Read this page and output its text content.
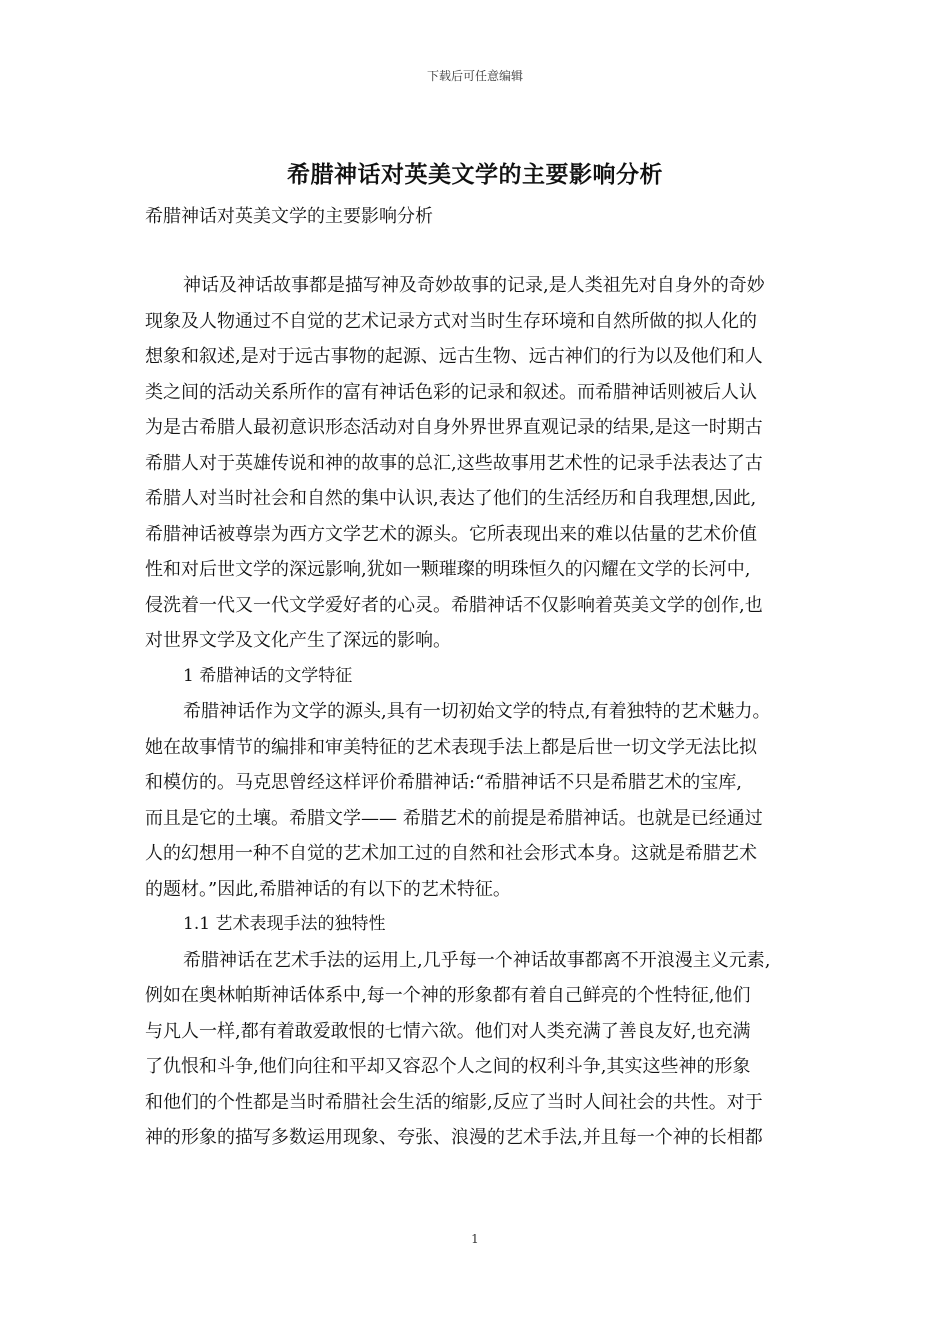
下载后可任意编辑
希腊神话对英美文学的主要影响分析
希腊神话对英美文学的主要影响分析
神话及神话故事都是描写神及奇妙故事的记录,是人类祖先对自身外的奇妙
现象及人物通过不自觉的艺术记录方式对当时生存环境和自然所做的拟人化的
想象和叙述,是对于远古事物的起源、远古生物、远古神们的行为以及他们和人
类之间的活动关系所作的富有神话色彩的记录和叙述。而希腊神话则被后人认
为是古希腊人最初意识形态活动对自身外界世界直观记录的结果,是这一时期古
希腊人对于英雄传说和神的故事的总汇,这些故事用艺术性的记录手法表达了古
希腊人对当时社会和自然的集中认识,表达了他们的生活经历和自我理想,因此,
希腊神话被尊崇为西方文学艺术的源头。它所表现出来的难以估量的艺术价值
性和对后世文学的深远影响,犹如一颗璀璨的明珠恒久的闪耀在文学的长河中,
侵洗着一代又一代文学爱好者的心灵。希腊神话不仅影响着英美文学的创作,也
对世界文学及文化产生了深远的影响。
1 希腊神话的文学特征
希腊神话作为文学的源头,具有一切初始文学的特点,有着独特的艺术魅力。
她在故事情节的编排和审美特征的艺术表现手法上都是后世一切文学无法比拟
和模仿的。马克思曾经这样评价希腊神话:“希腊神话不只是希腊艺术的宝库,
而且是它的土壤。希腊文学—— 希腊艺术的前提是希腊神话。也就是已经通过
人的幻想用一种不自觉的艺术加工过的自然和社会形式本身。这就是希腊艺术
的题材。”因此,希腊神话的有以下的艺术特征。
1.1 艺术表现手法的独特性
希腊神话在艺术手法的运用上,几乎每一个神话故事都离不开浪漫主义元素,
例如在奥林帕斯神话体系中,每一个神的形象都有着自己鲜亮的个性特征,他们
与凡人一样,都有着敢爱敢恨的七情六欲。他们对人类充满了善良友好,也充满
了仇恨和斗争,他们向往和平却又容忍个人之间的权利斗争,其实这些神的形象
和他们的个性都是当时希腊社会生活的缩影,反应了当时人间社会的共性。对于
神的形象的描写多数运用现象、夸张、浪漫的艺术手法,并且每一个神的长相都
1
